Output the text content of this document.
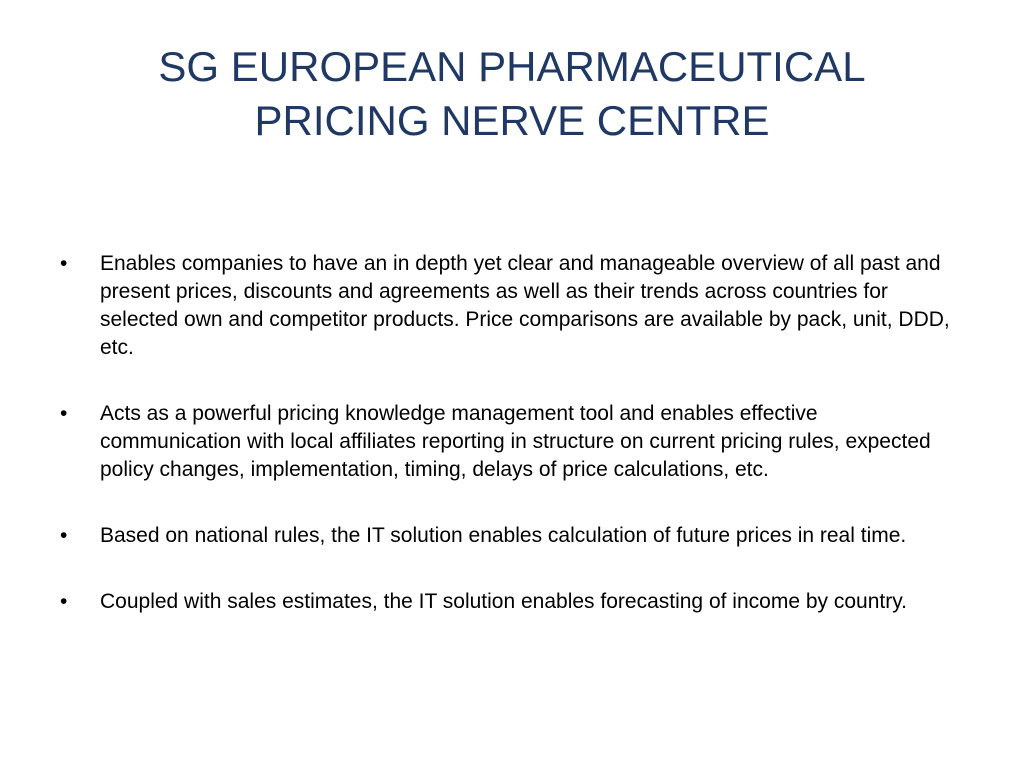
SG EUROPEAN PHARMACEUTICAL
PRICING NERVE CENTRE
• Enables companies to have an in depth yet clear and manageable overview of all past and present prices, discounts and agreements as well as their trends across countries for selected own and competitor products. Price comparisons are available by pack, unit, DDD, etc.
• Acts as a powerful pricing knowledge management tool and enables effective communication with local affiliates reporting in structure on current pricing rules, expected policy changes, implementation, timing, delays of price calculations, etc.
• Based on national rules, the IT solution enables calculation of future prices in real time.
• Coupled with sales estimates, the IT solution enables forecasting of income by country.
